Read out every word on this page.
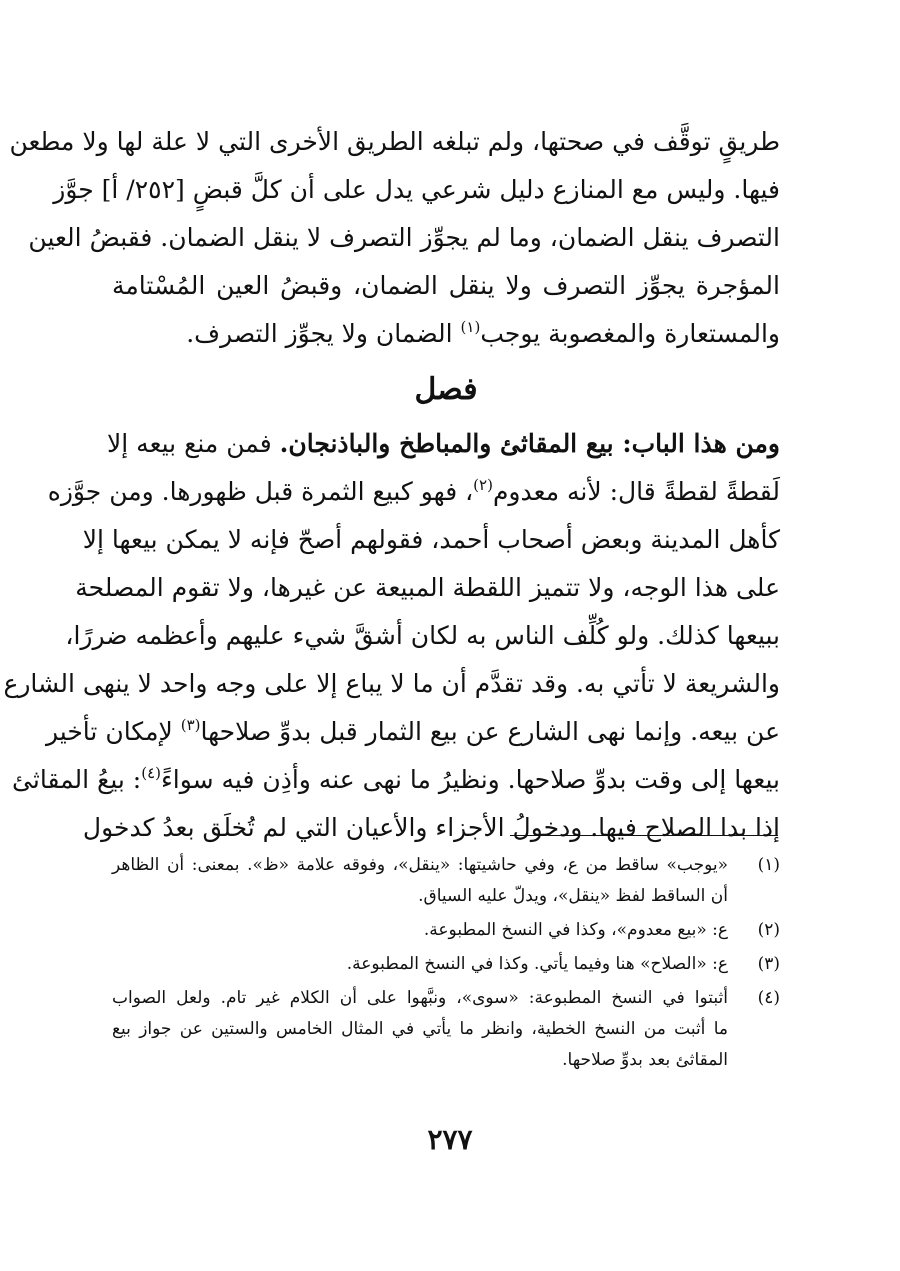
طريقٍ توقَّف في صحتها، ولم تبلغه الطريق الأخرى التي لا علة لها ولا مطعن
فيها. وليس مع المنازع دليل شرعي يدل على أن كلَّ قبضٍ [٢٥٢/ أ] جوَّز
التصرف ينقل الضمان، وما لم يجوِّز التصرف لا ينقل الضمان. فقبضُ العين
المؤجرة يجوِّز التصرف ولا ينقل الضمان، وقبضُ العين المُسْتامة
والمستعارة والمغصوبة يوجب$^{(١)}$ الضمان ولا يجوِّز التصرف.
فصل
ومن هذا الباب: بيع المقاثئ والمباطخ والباذنجان. فمن منع بيعه إلا
لَقطةً لقطةً قال: لأنه معدوم$^{(٢)}$، فهو كبيع الثمرة قبل ظهورها. ومن جوَّزه
كأهل المدينة وبعض أصحاب أحمد، فقولهم أصحّ فإنه لا يمكن بيعها إلا
على هذا الوجه، ولا تتميز اللقطة المبيعة عن غيرها، ولا تقوم المصلحة
ببيعها كذلك. ولو كُلِّف الناس به لكان أشقَّ شيء عليهم وأعظمه ضررًا،
والشريعة لا تأتي به. وقد تقدَّم أن ما لا يباع إلا على وجه واحد لا ينهى الشارع
عن بيعه. وإنما نهى الشارع عن بيع الثمار قبل بدوِّ صلاحها$^{(٣)}$ لإمكان تأخير
بيعها إلى وقت بدوِّ صلاحها. ونظيرُ ما نهى عنه وأذِن فيه سواءً$^{(٤)}$: بيعُ المقاثئ
إذا بدا الصلاح فيها. ودخولُ الأجزاء والأعيان التي لم تُخلَق بعدُ كدخول
(١)
«يوجب» ساقط من ع، وفي حاشيتها: «ينقل»، وفوقه علامة «ظ». بمعنى: أن الظاهر
أن الساقط لفظ «ينقل»، ويدلّ عليه السياق.
(٢)
ع: «بيع معدوم»، وكذا في النسخ المطبوعة.
(٣)
ع: «الصلاح» هنا وفيما يأتي. وكذا في النسخ المطبوعة.
(٤)
أثبتوا في النسخ المطبوعة: «سوى»، ونبَّهوا على أن الكلام غير تام. ولعل الصواب
ما أثبت من النسخ الخطية، وانظر ما يأتي في المثال الخامس والستين عن جواز بيع
المقاثئ بعد بدوِّ صلاحها.
٢٧٧
